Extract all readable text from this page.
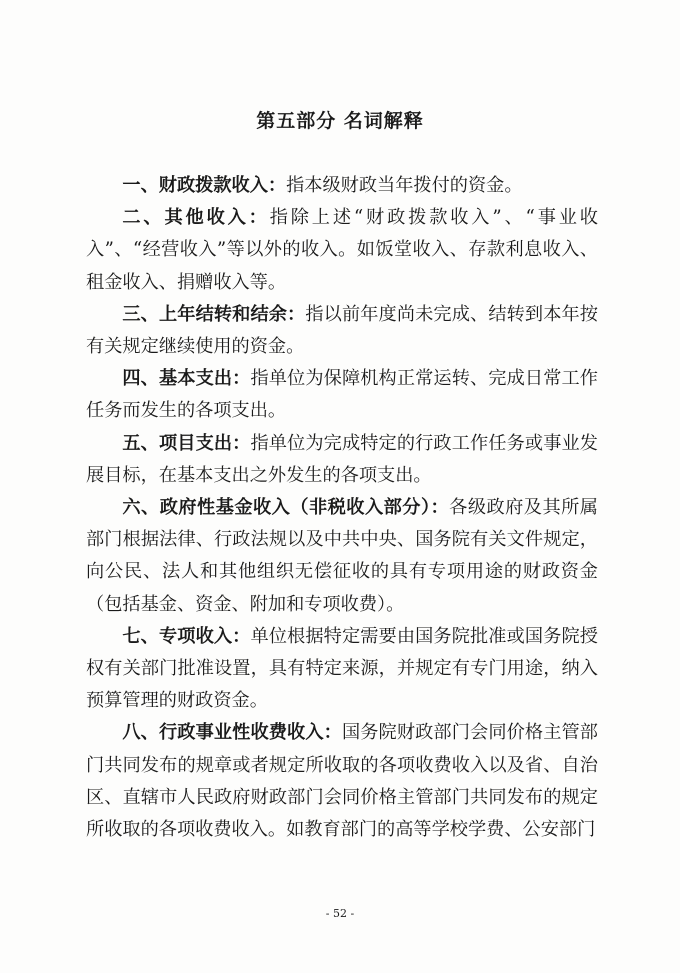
第五部分 名词解释

一、财政拨款收入：指本级财政当年拨付的资金。

二、其他收入：指除上述“财政拨款收入”、“事业收入”、“经营收入”等以外的收入。如饭堂收入、存款利息收入、租金收入、捐赠收入等。

三、上年结转和结余：指以前年度尚未完成、结转到本年按有关规定继续使用的资金。

四、基本支出：指单位为保障机构正常运转、完成日常工作任务而发生的各项支出。

五、项目支出：指单位为完成特定的行政工作任务或事业发展目标，在基本支出之外发生的各项支出。

六、政府性基金收入（非税收入部分）：各级政府及其所属部门根据法律、行政法规以及中共中央、国务院有关文件规定，向公民、法人和其他组织无偿征收的具有专项用途的财政资金（包括基金、资金、附加和专项收费）。

七、专项收入：单位根据特定需要由国务院批准或国务院授权有关部门批准设置，具有特定来源，并规定有专门用途，纳入预算管理的财政资金。

八、行政事业性收费收入：国务院财政部门会同价格主管部门共同发布的规章或者规定所收取的各项收费收入以及省、自治区、直辖市人民政府财政部门会同价格主管部门共同发布的规定所收取的各项收费收入。如教育部门的高等学校学费、公安部门

- 52 -
